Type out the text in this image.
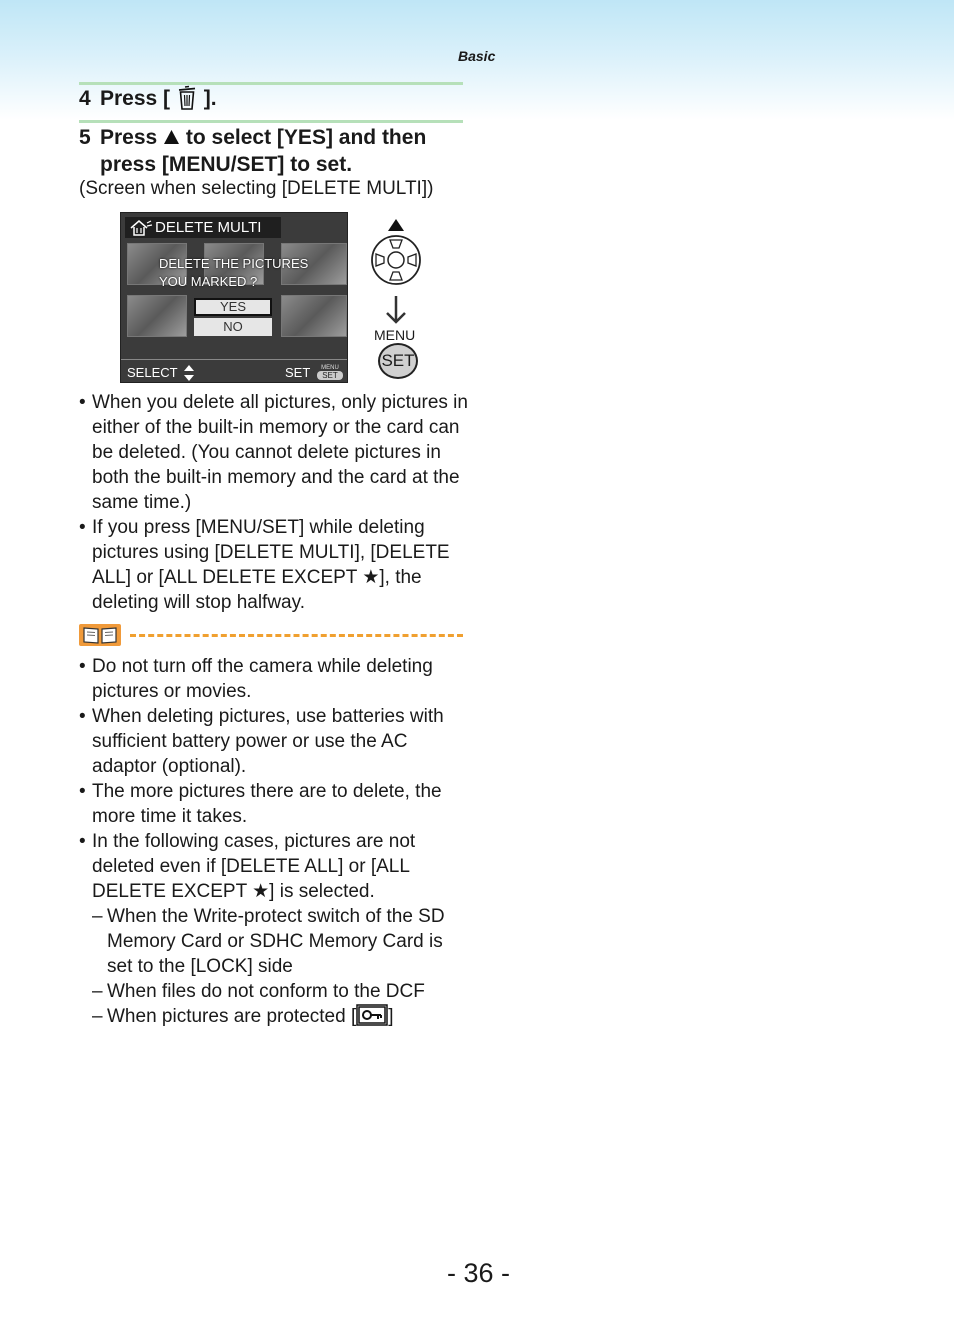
Basic
4 Press [ ].
5 Press  to select [YES] and then press [MENU/SET] to set.
(Screen when selecting [DELETE MULTI])
DELETE MULTI
DELETE THE PICTURES
YOU MARKED ?
YES
NO
SELECT	SET	MENU
SET
MENU
SET
• When you delete all pictures, only pictures in either of the built-in memory or the card can be deleted. (You cannot delete pictures in both the built-in memory and the card at the same time.)
• If you press [MENU/SET] while deleting pictures using [DELETE MULTI], [DELETE ALL] or [ALL DELETE EXCEPT ★], the deleting will stop halfway.
• Do not turn off the camera while deleting pictures or movies.
• When deleting pictures, use batteries with sufficient battery power or use the AC adaptor (optional).
• The more pictures there are to delete, the more time it takes.
• In the following cases, pictures are not deleted even if [DELETE ALL] or [ALL DELETE EXCEPT ★] is selected.
– When the Write-protect switch of the SD Memory Card or SDHC Memory Card is set to the [LOCK] side
– When files do not conform to the DCF
– When pictures are protected [ ]
- 36 -
